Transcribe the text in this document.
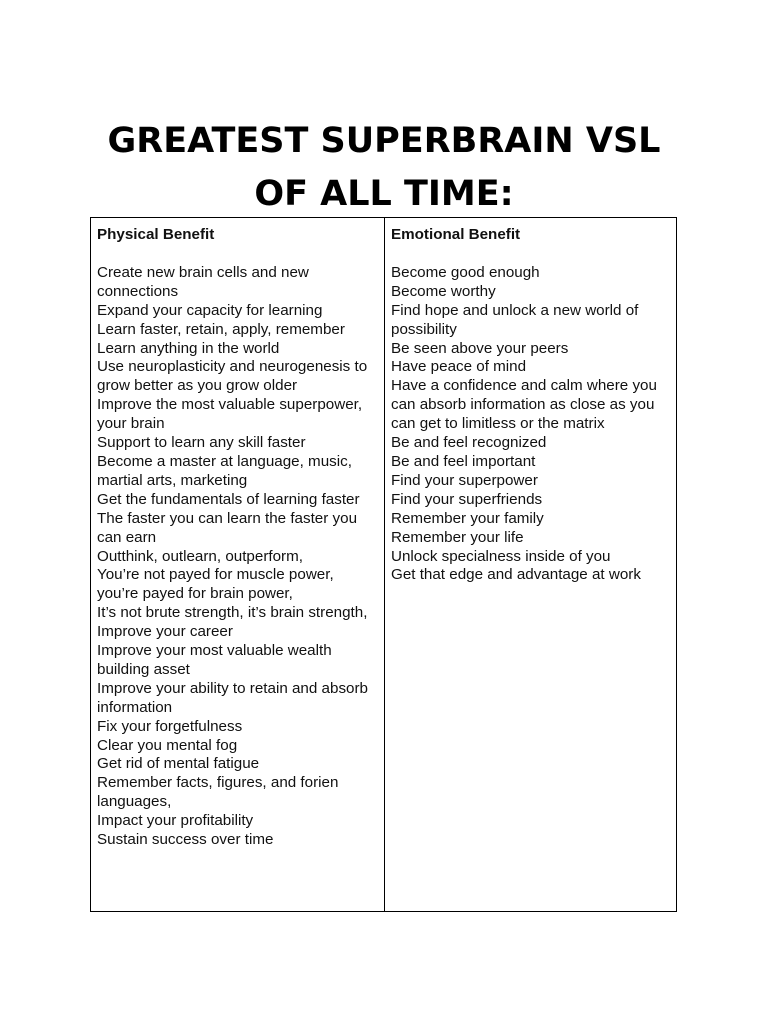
GREATEST SUPERBRAIN VSL
OF ALL TIME:
Physical Benefit
Create new brain cells and new connections
Expand your capacity for learning
Learn faster, retain, apply, remember
Learn anything in the world
Use neuroplasticity and neurogenesis to grow better as you grow older
Improve the most valuable superpower, your brain
Support to learn any skill faster
Become a master at language, music, martial arts, marketing
Get the fundamentals of learning faster
The faster you can learn the faster you can earn
Outthink, outlearn, outperform,
You’re not payed for muscle power, you’re payed for brain power,
It’s not brute strength, it’s brain strength,
Improve your career
Improve your most valuable wealth building asset
Improve your ability to retain and absorb information
Fix your forgetfulness
Clear you mental fog
Get rid of mental fatigue
Remember facts, figures, and forien languages,
Impact your profitability
Sustain success over time
Emotional Benefit
Become good enough
Become worthy
Find hope and unlock a new world of possibility
Be seen above your peers
Have peace of mind
Have a confidence and calm where you can absorb information as close as you can get to limitless or the matrix
Be and feel recognized
Be and feel important
Find your superpower
Find your superfriends
Remember your family
Remember your life
Unlock specialness inside of you
Get that edge and advantage at work
